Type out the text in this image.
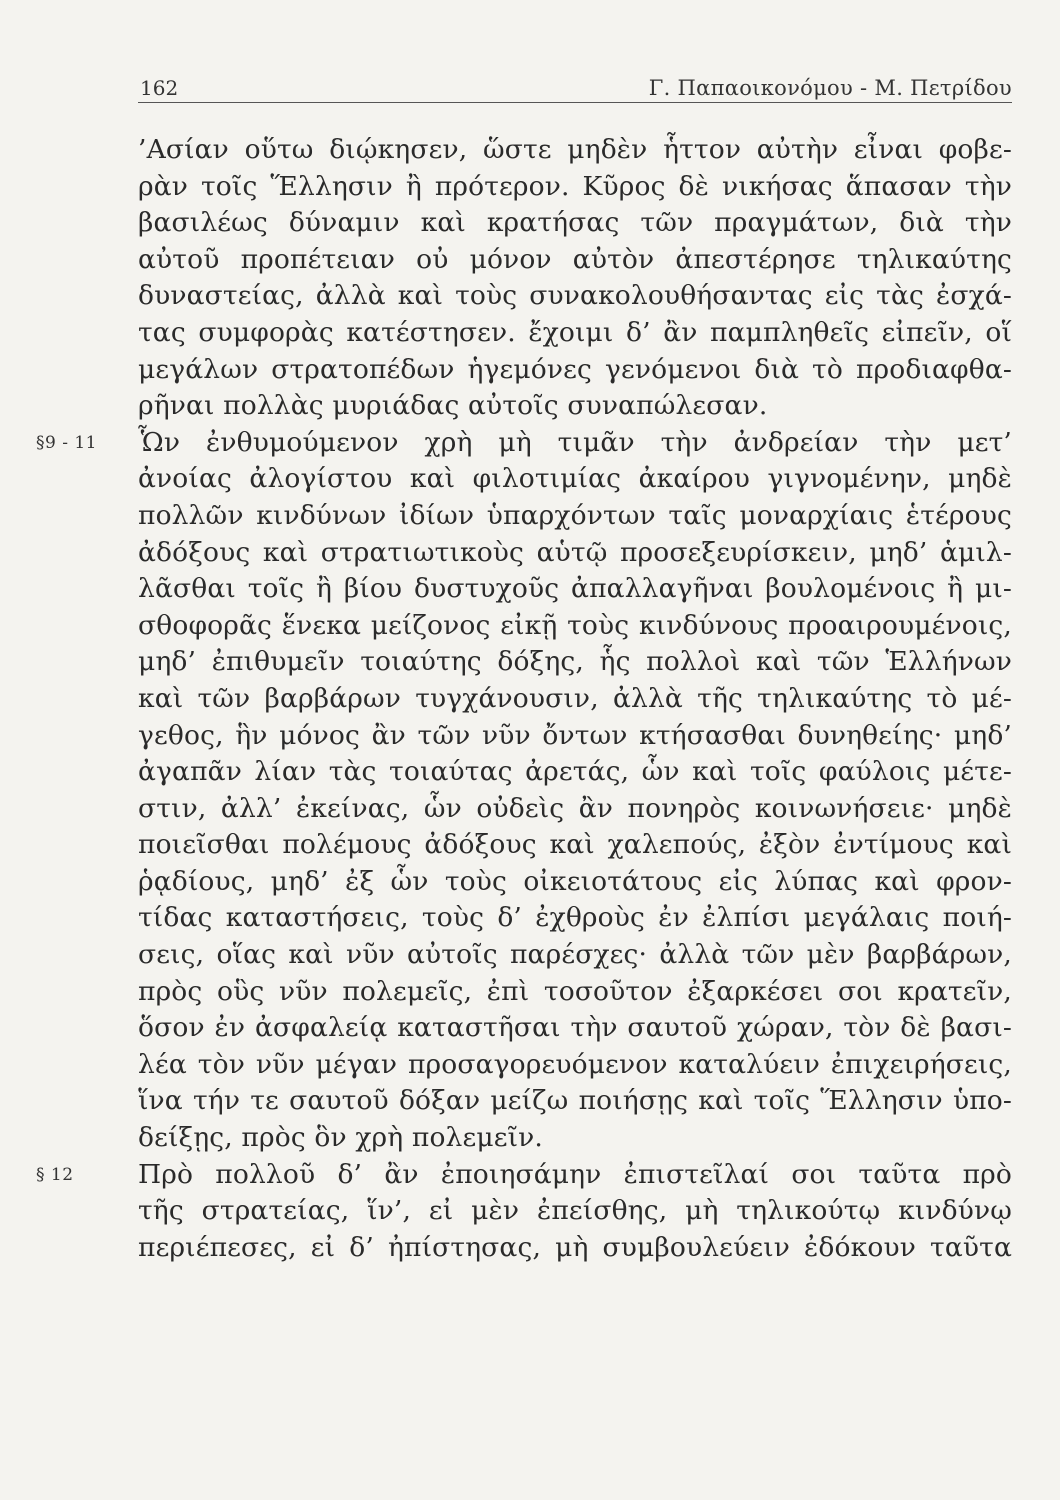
162	Γ. Παπαοικονόμου - Μ. Πετρίδου
’Ασίαν οὕτω διῴκησεν, ὥστε μηδὲν ἧττον αὐτὴν εἶναι φοβε-
ρὰν τοῖς Ἕλλησιν ἢ πρότερον. Κῦρος δὲ νικήσας ἅπασαν τὴν
βασιλέως δύναμιν καὶ κρατήσας τῶν πραγμάτων, διὰ τὴν
αὐτοῦ προπέτειαν οὐ μόνον αὐτὸν ἀπεστέρησε τηλικαύτης
δυναστείας, ἀλλὰ καὶ τοὺς συνακολουθήσαντας εἰς τὰς ἐσχά-
τας συμφορὰς κατέστησεν. ἔχοιμι δ’ ἂν παμπληθεῖς εἰπεῖν, οἵ
μεγάλων στρατοπέδων ἡγεμόνες γενόμενοι διὰ τὸ προδιαφθα-
ρῆναι πολλὰς μυριάδας αὐτοῖς συναπώλεσαν.
§9 - 11 Ὧν ἐνθυμούμενον χρὴ μὴ τιμᾶν τὴν ἀνδρείαν τὴν μετ’
ἀνοίας ἀλογίστου καὶ φιλοτιμίας ἀκαίρου γιγνομένην, μηδὲ
πολλῶν κινδύνων ἰδίων ὑπαρχόντων ταῖς μοναρχίαις ἑτέρους
ἀδόξους καὶ στρατιωτικοὺς αὑτῷ προσεξευρίσκειν, μηδ’ ἁμιλ-
λᾶσθαι τοῖς ἢ βίου δυστυχοῦς ἀπαλλαγῆναι βουλομένοις ἢ μι-
σθοφορᾶς ἕνεκα μείζονος εἰκῇ τοὺς κινδύνους προαιρουμένοις,
μηδ’ ἐπιθυμεῖν τοιαύτης δόξης, ἧς πολλοὶ καὶ τῶν Ἑλλήνων
καὶ τῶν βαρβάρων τυγχάνουσιν, ἀλλὰ τῆς τηλικαύτης τὸ μέ-
γεθος, ἣν μόνος ἂν τῶν νῦν ὄντων κτήσασθαι δυνηθείης· μηδ’
ἀγαπᾶν λίαν τὰς τοιαύτας ἀρετάς, ὧν καὶ τοῖς φαύλοις μέτε-
στιν, ἀλλ’ ἐκείνας, ὧν οὐδεὶς ἂν πονηρὸς κοινωνήσειε· μηδὲ
ποιεῖσθαι πολέμους ἀδόξους καὶ χαλεπούς, ἐξὸν ἐντίμους καὶ
ῥᾳδίους, μηδ’ ἐξ ὧν τοὺς οἰκειοτάτους εἰς λύπας καὶ φρον-
τίδας καταστήσεις, τοὺς δ’ ἐχθροὺς ἐν ἐλπίσι μεγάλαις ποιή-
σεις, οἵας καὶ νῦν αὐτοῖς παρέσχες· ἀλλὰ τῶν μὲν βαρβάρων,
πρὸς οὓς νῦν πολεμεῖς, ἐπὶ τοσοῦτον ἐξαρκέσει σοι κρατεῖν,
ὅσον ἐν ἀσφαλείᾳ καταστῆσαι τὴν σαυτοῦ χώραν, τὸν δὲ βασι-
λέα τὸν νῦν μέγαν προσαγορευόμενον καταλύειν ἐπιχειρήσεις,
ἵνα τήν τε σαυτοῦ δόξαν μείζω ποιήσῃς καὶ τοῖς Ἕλλησιν ὑπο-
δείξῃς, πρὸς ὃν χρὴ πολεμεῖν.
§ 12 Πρὸ πολλοῦ δ’ ἂν ἐποιησάμην ἐπιστεῖλαί σοι ταῦτα πρὸ
τῆς στρατείας, ἵν’, εἰ μὲν ἐπείσθης, μὴ τηλικούτῳ κινδύνῳ
περιέπεσες, εἰ δ’ ἠπίστησας, μὴ συμβουλεύειν ἐδόκουν ταῦτα
